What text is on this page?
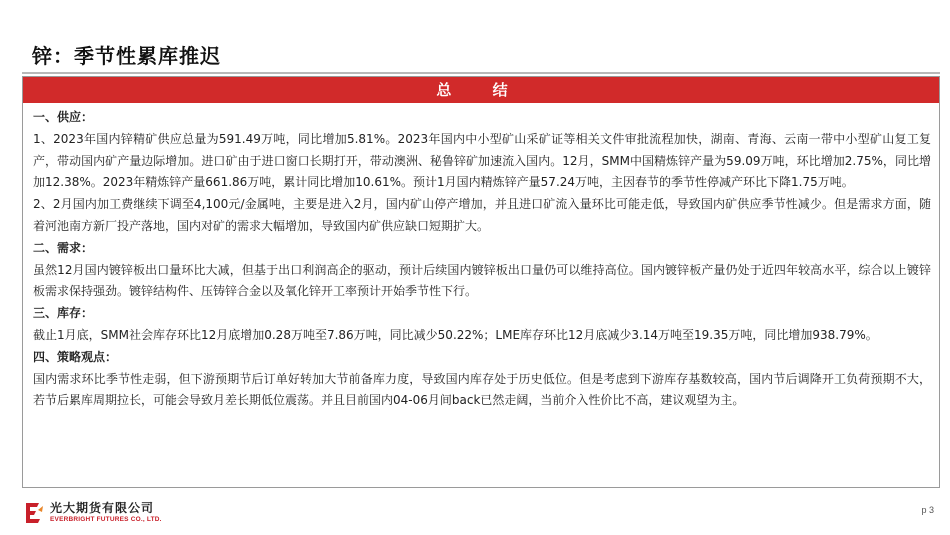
锌：季节性累库推迟
总 结
一、供应：
1、2023年国内锌精矿供应总量为591.49万吨，同比增加5.81%。2023年国内中小型矿山采矿证等相关文件审批流程加快，湖南、青海、云南一带中小型矿山复工复产，带动国内矿产量边际增加。进口矿由于进口窗口长期打开，带动澳洲、秘鲁锌矿加速流入国内。12月，SMM中国精炼锌产量为59.09万吨，环比增加2.75%，同比增加12.38%。2023年精炼锌产量661.86万吨，累计同比增加10.61%。预计1月国内精炼锌产量57.24万吨，主因春节的季节性停减产环比下降1.75万吨。
2、2月国内加工费继续下调至4,100元/金属吨，主要是进入2月，国内矿山停产增加，并且进口矿流入量环比可能走低，导致国内矿供应季节性减少。但是需求方面，随着河池南方新厂投产落地，国内对矿的需求大幅增加，导致国内矿供应缺口短期扩大。
二、需求：
虽然12月国内镀锌板出口量环比大减，但基于出口利润高企的驱动，预计后续国内镀锌板出口量仍可以维持高位。国内镀锌板产量仍处于近四年较高水平，综合以上镀锌板需求保持强劲。镀锌结构件、压铸锌合金以及氧化锌开工率预计开始季节性下行。
三、库存：
截止1月底，SMM社会库存环比12月底增加0.28万吨至7.86万吨，同比减少50.22%；LME库存环比12月底减少3.14万吨至19.35万吨，同比增加938.79%。
四、策略观点：
国内需求环比季节性走弱，但下游预期节后订单好转加大节前备库力度，导致国内库存处于历史低位。但是考虑到下游库存基数较高，国内节后调降开工负荷预期不大，若节后累库周期拉长，可能会导致月差长期低位震荡。并且目前国内04-06月间back已然走阔，当前介入性价比不高，建议观望为主。
光大期货有限公司
EVERBRIGHT FUTURES CO., LTD.
p 3
